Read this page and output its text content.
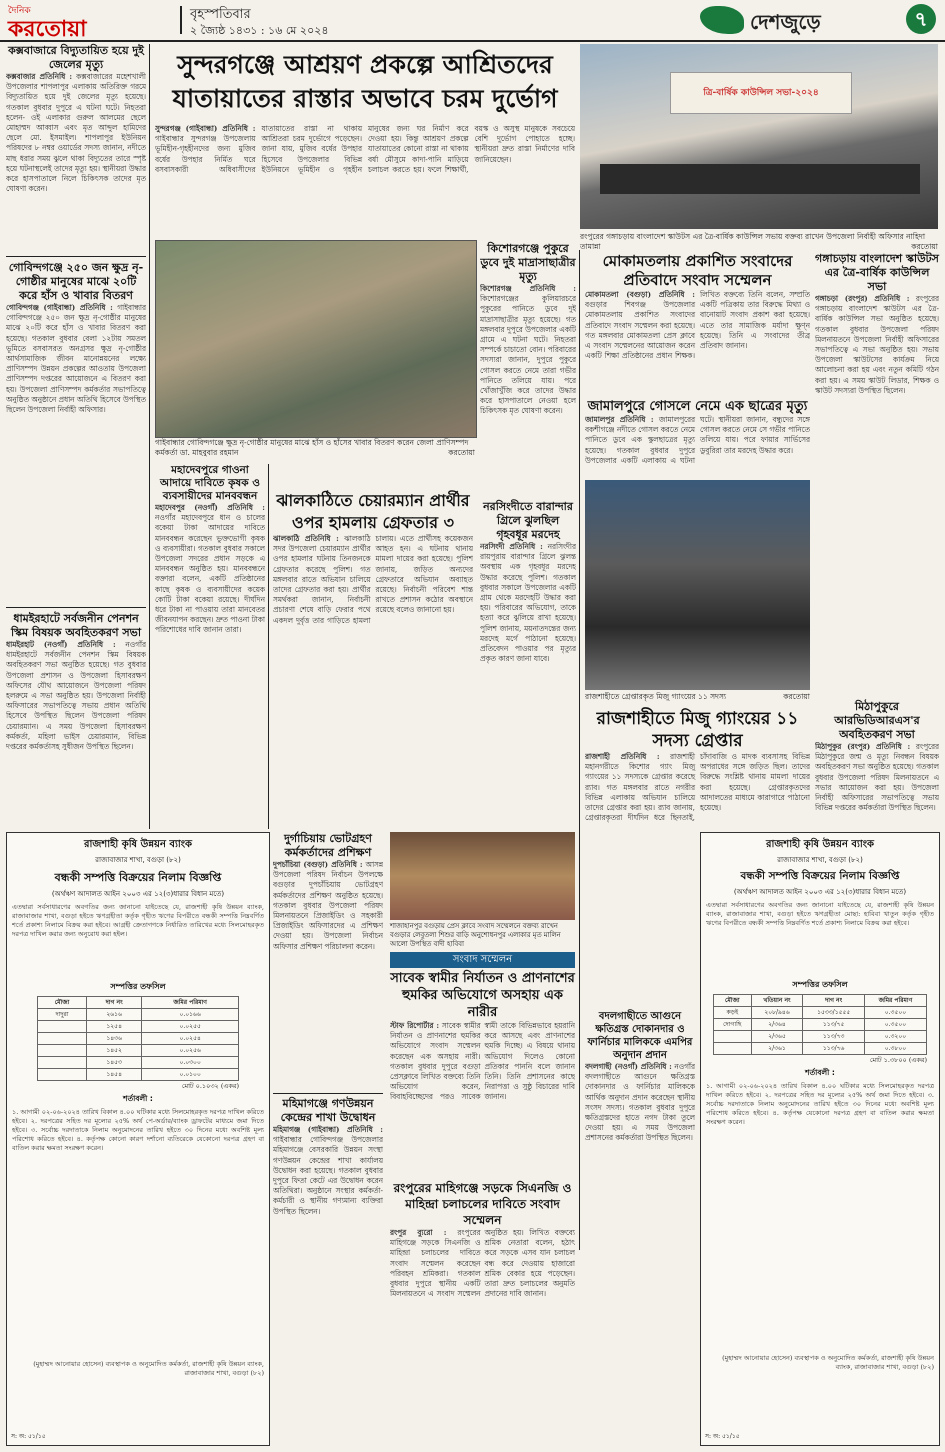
দৈনিক
করতোয়া
বৃহস্পতিবার
২ জ্যৈষ্ঠ ১৪৩১ : ১৬ মে ২০২৪	দেশজুড়ে	৭
কক্সবাজারে বিদ্যুতায়িত হয়ে দুই জেলের মৃত্যু
কক্সবাজার প্রতিনিধি : কক্সবাজারের মহেশখালী উপজেলার শাপলাপুর এলাকায় অতিরিক্ত গরমে বিদ্যুতায়িত হয়ে দুই জেলের মৃত্যু হয়েছে। গতকাল বুধবার দুপুরে এ ঘটনা ঘটে। নিহতরা হলেন- ওই এলাকার গুরুল আলমের ছেলে মোহাম্মদ আব্বাস এবং মৃত আব্দুল হামিদের ছেলে মো. ইসমাইল। শাপলাপুর ইউনিয়ন পরিষদের ৮ নম্বর ওয়ার্ডের সদস্য জানান, নদীতে মাছ ধরার সময় ঝুলে থাকা বিদ্যুতের তারে স্পৃষ্ট হয়ে ঘটনাস্থলেই তাদের মৃত্যু হয়। স্থানীয়রা উদ্ধার করে হাসপাতালে নিলে চিকিৎসক তাদের মৃত ঘোষণা করেন।
গোবিন্দগঞ্জে ২৫০ জন ক্ষুদ্র নৃ-গোষ্ঠীর মানুষের মাঝে ২০টি করে হাঁস ও খাবার বিতরণ
গোবিন্দগঞ্জ (গাইবান্ধা) প্রতিনিধি : গাইবান্ধার গোবিন্দগঞ্জে ২৫০ জন ক্ষুদ্র নৃ-গোষ্ঠীর মানুষের মাঝে ২০টি করে হাঁস ও খাবার বিতরণ করা হয়েছে। গতকাল বুধবার বেলা ১২টায় সমতল ভূমিতে বসবাসরত অনগ্রসর ক্ষুদ্র নৃ-গোষ্ঠীর আর্থসামাজিক জীবন মানোন্নয়নের লক্ষ্যে প্রাণিসম্পদ উন্নয়ন প্রকল্পের আওতায় উপজেলা প্রাণিসম্পদ দপ্তরের আয়োজনে এ বিতরণ করা হয়। উপজেলা প্রাণিসম্পদ কর্মকর্তার সভাপতিত্বে অনুষ্ঠিত অনুষ্ঠানে প্রধান অতিথি হিসেবে উপস্থিত ছিলেন উপজেলা নির্বাহী অফিসার।
ধামইরহাটে সর্বজনীন পেনশন স্কিম বিষয়ক অবহিতকরণ সভা
ধামইরহাট (নওগাঁ) প্রতিনিধি : নওগাঁর ধামইরহাটে সর্বজনীন পেনশন স্কিম বিষয়ক অবহিতকরণ সভা অনুষ্ঠিত হয়েছে। গত বুধবার উপজেলা প্রশাসন ও উপজেলা হিসাবরক্ষণ অফিসের যৌথ আয়োজনে উপজেলা পরিষদ হলরুমে এ সভা অনুষ্ঠিত হয়। উপজেলা নির্বাহী অফিসারের সভাপতিত্বে সভায় প্রধান অতিথি হিসেবে উপস্থিত ছিলেন উপজেলা পরিষদ চেয়ারম্যান। এ সময় উপজেলা হিসাবরক্ষণ কর্মকর্তা, মহিলা ভাইস চেয়ারম্যান, বিভিন্ন দপ্তরের কর্মকর্তাসহ সুধীজন উপস্থিত ছিলেন।
সুন্দরগঞ্জে আশ্রয়ণ প্রকল্পে আশ্রিতদের
যাতায়াতের রাস্তার অভাবে চরম দুর্ভোগ
সুন্দরগঞ্জ (গাইবান্ধা) প্রতিনিধি : গাইবান্ধার সুন্দরগঞ্জ উপজেলায় ভূমিহীন-গৃহহীনদের জন্য মুজিব বর্ষের উপহার নির্মিত ঘরে বসবাসকারী অধিবাসীদের যাতায়াতের রাস্তা না থাকায় আশ্রিতরা চরম দুর্ভোগে পড়েছেন। জানা যায়, মুজিব বর্ষের উপহার হিসেবে উপজেলার বিভিন্ন ইউনিয়নে ভূমিহীন ও গৃহহীন মানুষের জন্য ঘর নির্মাণ করে দেওয়া হয়। কিন্তু আশ্রয়ণ প্রকল্পে যাতায়াতের কোনো রাস্তা না থাকায় বর্ষা মৌসুমে কাদা-পানি মাড়িয়ে চলাচল করতে হয়। ফলে শিক্ষার্থী, বয়স্ক ও অসুস্থ মানুষকে সবচেয়ে বেশি দুর্ভোগ পোহাতে হচ্ছে। স্থানীয়রা দ্রুত রাস্তা নির্মাণের দাবি জানিয়েছেন।
ত্রি-বার্ষিক কাউন্সিল সভা-২০২৪
রংপুরের গঙ্গাচড়ায় বাংলাদেশ স্কাউটস এর ত্রৈ-বার্ষিক কাউন্সিল সভায় বক্তব্য রাখেন উপজেলা নির্বাহী অফিসার নাহিদা তামান্না	করতোয়া
গাইবান্ধার গোবিন্দগঞ্জে ক্ষুদ্র নৃ-গোষ্ঠীর মানুষের মাঝে হাঁস ও হাঁসের খাবার বিতরণ করেন জেলা প্রাণিসম্পদ কর্মকর্তা ডা. মাহবুবার রহমান	করতোয়া
কিশোরগঞ্জে পুকুরে ডুবে দুই মাদ্রাসাছাত্রীর মৃত্যু
কিশোরগঞ্জ প্রতিনিধি : কিশোরগঞ্জের কুলিয়ারচরে পুকুরের পানিতে ডুবে দুই মাদ্রাসাছাত্রীর মৃত্যু হয়েছে। গত মঙ্গলবার দুপুরে উপজেলার একটি গ্রামে এ ঘটনা ঘটে। নিহতরা সম্পর্কে চাচাতো বোন। পরিবারের সদস্যরা জানান, দুপুরে পুকুরে গোসল করতে নেমে তারা গভীর পানিতে তলিয়ে যায়। পরে খোঁজাখুঁজি করে তাদের উদ্ধার করে হাসপাতালে নেওয়া হলে চিকিৎসক মৃত ঘোষণা করেন।
মহাদেবপুরে গাওনা আদায়ে দাবিতে কৃষক ও ব্যবসায়ীদের মানববন্ধন
মহাদেবপুর (নওগাঁ) প্রতিনিধি : নওগাঁর মহাদেবপুরে ধান ও চালের বকেয়া টাকা আদায়ের দাবিতে মানববন্ধন করেছেন ভুক্তভোগী কৃষক ও ব্যবসায়ীরা। গতকাল বুধবার সকালে উপজেলা সদরের প্রধান সড়কে এ মানববন্ধন অনুষ্ঠিত হয়। মানববন্ধনে বক্তারা বলেন, একটি প্রতিষ্ঠানের কাছে কৃষক ও ব্যবসায়ীদের কয়েক কোটি টাকা বকেয়া রয়েছে। দীর্ঘদিন ধরে টাকা না পাওয়ায় তারা মানবেতর জীবনযাপন করছেন। দ্রুত পাওনা টাকা পরিশোধের দাবি জানান তারা।
ঝালকাঠিতে চেয়ারম্যান প্রার্থীর ওপর হামলায় গ্রেফতার ৩
ঝালকাঠি প্রতিনিধি : ঝালকাঠি সদর উপজেলা চেয়ারম্যান প্রার্থীর ওপর হামলার ঘটনায় তিনজনকে গ্রেফতার করেছে পুলিশ। গত মঙ্গলবার রাতে অভিযান চালিয়ে তাদের গ্রেফতার করা হয়। প্রার্থীর সমর্থকরা জানান, নির্বাচনী প্রচারণা শেষে বাড়ি ফেরার পথে একদল দুর্বৃত্ত তার গাড়িতে হামলা চালায়। এতে প্রার্থীসহ কয়েকজন আহত হন। এ ঘটনায় থানায় মামলা দায়ের করা হয়েছে। পুলিশ জানায়, জড়িত অন্যদের গ্রেফতারে অভিযান অব্যাহত রয়েছে। নির্বাচনী পরিবেশ শান্ত রাখতে প্রশাসন কঠোর অবস্থানে রয়েছে বলেও জানানো হয়।
নরসিংদীতে বারান্দার গ্রিলে ঝুলছিল গৃহবধূর মরদেহ
নরসিংদী প্রতিনিধি : নরসিংদীর রায়পুরায় বারান্দার গ্রিলে ঝুলন্ত অবস্থায় এক গৃহবধূর মরদেহ উদ্ধার করেছে পুলিশ। গতকাল বুধবার সকালে উপজেলার একটি গ্রাম থেকে মরদেহটি উদ্ধার করা হয়। পরিবারের অভিযোগ, তাকে হত্যা করে ঝুলিয়ে রাখা হয়েছে। পুলিশ জানায়, ময়নাতদন্তের জন্য মরদেহ মর্গে পাঠানো হয়েছে। প্রতিবেদন পাওয়ার পর মৃত্যুর প্রকৃত কারণ জানা যাবে।
মোকামতলায় প্রকাশিত সংবাদের প্রতিবাদে সংবাদ সম্মেলন
মোকামতলা (বগুড়া) প্রতিনিধি : বগুড়ার শিবগঞ্জ উপজেলার মোকামতলায় প্রকাশিত সংবাদের প্রতিবাদে সংবাদ সম্মেলন করা হয়েছে। গত মঙ্গলবার মোকামতলা প্রেস ক্লাবে এ সংবাদ সম্মেলনের আয়োজন করেন একটি শিক্ষা প্রতিষ্ঠানের প্রধান শিক্ষক। লিখিত বক্তব্যে তিনি বলেন, সম্প্রতি একটি পত্রিকায় তার বিরুদ্ধে মিথ্যা ও বানোয়াট সংবাদ প্রকাশ করা হয়েছে। এতে তার সামাজিক মর্যাদা ক্ষুণ্ন হয়েছে। তিনি এ সংবাদের তীব্র প্রতিবাদ জানান।
জামালপুরে গোসলে নেমে এক ছাত্রের মৃত্যু
জামালপুর প্রতিনিধি : জামালপুরের বকশীগঞ্জে নদীতে গোসল করতে নেমে পানিতে ডুবে এক স্কুলছাত্রের মৃত্যু হয়েছে। গতকাল বুধবার দুপুরে উপজেলার একটি এলাকায় এ ঘটনা ঘটে। স্থানীয়রা জানান, বন্ধুদের সঙ্গে গোসল করতে নেমে সে গভীর পানিতে তলিয়ে যায়। পরে ফায়ার সার্ভিসের ডুবুরিরা তার মরদেহ উদ্ধার করে।
গঙ্গাচড়ায় বাংলাদেশ স্কাউটস এর ত্রৈ-বার্ষিক কাউন্সিল সভা
গঙ্গাচড়া (রংপুর) প্রতিনিধি : রংপুরের গঙ্গাচড়ায় বাংলাদেশ স্কাউটস এর ত্রৈ-বার্ষিক কাউন্সিল সভা অনুষ্ঠিত হয়েছে। গতকাল বুধবার উপজেলা পরিষদ মিলনায়তনে উপজেলা নির্বাহী অফিসারের সভাপতিত্বে এ সভা অনুষ্ঠিত হয়। সভায় উপজেলা স্কাউটসের কার্যক্রম নিয়ে আলোচনা করা হয় এবং নতুন কমিটি গঠন করা হয়। এ সময় স্কাউট লিডার, শিক্ষক ও স্কাউট সদস্যরা উপস্থিত ছিলেন।
রাজশাহীতে গ্রেপ্তারকৃত মিজু গ্যাংয়ের ১১ সদস্য	করতোয়া
রাজশাহীতে মিজু গ্যাংয়ের ১১ সদস্য গ্রেপ্তার
রাজশাহী প্রতিনিধি : রাজশাহী মহানগরীতে কিশোর গ্যাং মিজু গ্যাংয়ের ১১ সদস্যকে গ্রেপ্তার করেছে র‌্যাব। গত মঙ্গলবার রাতে নগরীর বিভিন্ন এলাকায় অভিযান চালিয়ে তাদের গ্রেপ্তার করা হয়। র‌্যাব জানায়, গ্রেপ্তারকৃতরা দীর্ঘদিন ধরে ছিনতাই, চাঁদাবাজি ও মাদক ব্যবসাসহ বিভিন্ন অপরাধের সঙ্গে জড়িত ছিল। তাদের বিরুদ্ধে সংশ্লিষ্ট থানায় মামলা দায়ের করা হয়েছে। গ্রেপ্তারকৃতদের আদালতের মাধ্যমে কারাগারে পাঠানো হয়েছে।
মিঠাপুকুরে আরভিডিআরএস'র অবহিতকরণ সভা
মিঠাপুকুর (রংপুর) প্রতিনিধি : রংপুরের মিঠাপুকুরে জন্ম ও মৃত্যু নিবন্ধন বিষয়ক অবহিতকরণ সভা অনুষ্ঠিত হয়েছে। গতকাল বুধবার উপজেলা পরিষদ মিলনায়তনে এ সভার আয়োজন করা হয়। উপজেলা নির্বাহী অফিসারের সভাপতিত্বে সভায় বিভিন্ন দপ্তরের কর্মকর্তারা উপস্থিত ছিলেন।
দুর্গাচিয়ায় ভোটগ্রহণ কর্মকর্তাদের প্রশিক্ষণ
দুপচাঁচিয়া (বগুড়া) প্রতিনিধি : আসন্ন উপজেলা পরিষদ নির্বাচন উপলক্ষে বগুড়ার দুপচাঁচিয়ায় ভোটগ্রহণ কর্মকর্তাদের প্রশিক্ষণ অনুষ্ঠিত হয়েছে। গতকাল বুধবার উপজেলা পরিষদ মিলনায়তনে প্রিজাইডিং ও সহকারী প্রিজাইডিং অফিসারদের এ প্রশিক্ষণ দেওয়া হয়। উপজেলা নির্বাচন অফিসার প্রশিক্ষণ পরিচালনা করেন।
মহিমাগঞ্জে গণউন্নয়ন কেন্দ্রের শাখা উদ্বোধন
মহিমাগঞ্জ (গাইবান্ধা) প্রতিনিধি : গাইবান্ধার গোবিন্দগঞ্জ উপজেলার মহিমাগঞ্জে বেসরকারি উন্নয়ন সংস্থা গণউন্নয়ন কেন্দ্রের শাখা কার্যালয় উদ্বোধন করা হয়েছে। গতকাল বুধবার দুপুরে ফিতা কেটে এর উদ্বোধন করেন অতিথিরা। অনুষ্ঠানে সংস্থার কর্মকর্তা-কর্মচারী ও স্থানীয় গণ্যমান্য ব্যক্তিরা উপস্থিত ছিলেন।
শাজাহানপুর বগুড়ায় প্রেস ক্লাবে সংবাদ সম্মেলনে বক্তব্য রাখেন বগুড়ার লেবুতলা শিশুর বাড়ি অনুশোধনপুর এলাকার মৃত মালিন আলো উপস্থিত বাদী হাবিবা
সংবাদ সম্মেলন
সাবেক স্বামীর নির্যাতন ও প্রাণনাশের হুমকির অভিযোগে অসহায় এক নারীর
স্টাফ রিপোর্টার : সাবেক স্বামীর নির্যাতন ও প্রাণনাশের হুমকির অভিযোগে সংবাদ সম্মেলন করেছেন এক অসহায় নারী। গতকাল বুধবার দুপুরে বগুড়া প্রেসক্লাবে লিখিত বক্তব্যে তিনি অভিযোগ করেন, বিবাহবিচ্ছেদের পরও সাবেক স্বামী তাকে বিভিন্নভাবে হয়রানি করে আসছে এবং প্রাণনাশের হুমকি দিচ্ছে। এ বিষয়ে থানায় অভিযোগ দিলেও কোনো প্রতিকার পাননি বলে জানান তিনি। তিনি প্রশাসনের কাছে নিরাপত্তা ও সুষ্ঠু বিচারের দাবি জানান।
রংপুরের মাহিগঞ্জে সড়কে সিএনজি ও মাহিন্দ্রা চলাচলের দাবিতে সংবাদ সম্মেলন
রংপুর ব্যুরো : রংপুরের মাহিগঞ্জে সড়কে সিএনজি ও মাহিন্দ্রা চলাচলের দাবিতে সংবাদ সম্মেলন করেছেন পরিবহন শ্রমিকরা। গতকাল বুধবার দুপুরে স্থানীয় একটি মিলনায়তনে এ সংবাদ সম্মেলন অনুষ্ঠিত হয়। লিখিত বক্তব্যে শ্রমিক নেতারা বলেন, হঠাৎ করে সড়কে এসব যান চলাচল বন্ধ করে দেওয়ায় হাজারো শ্রমিক বেকার হয়ে পড়েছেন। তারা দ্রুত চলাচলের অনুমতি প্রদানের দাবি জানান।
বদলগাছীতে আগুনে ক্ষতিগ্রস্ত দোকানদার ও ফার্নিচার মালিককে এমপির অনুদান প্রদান
বদলগাছী (নওগাঁ) প্রতিনিধি : নওগাঁর বদলগাছীতে আগুনে ক্ষতিগ্রস্ত দোকানদার ও ফার্নিচার মালিককে আর্থিক অনুদান প্রদান করেছেন স্থানীয় সংসদ সদস্য। গতকাল বুধবার দুপুরে ক্ষতিগ্রস্তদের হাতে নগদ টাকা তুলে দেওয়া হয়। এ সময় উপজেলা প্রশাসনের কর্মকর্তারা উপস্থিত ছিলেন।
রাজশাহী কৃষি উন্নয়ন ব্যাংক
রাজাবাজার শাখা, বগুড়া (৮২)
বন্ধকী সম্পত্তি বিক্রয়ের নিলাম বিজ্ঞপ্তি
(অর্থঋণ আদালত আইন ২০০৩ এর ১২(৩)ধারার বিধান মতে)
এতদ্বারা সর্বসাধারণের অবগতির জন্য জানানো যাইতেছে যে, রাজশাহী কৃষি উন্নয়ন ব্যাংক, রাজাবাজার শাখা, বগুড়া হইতে ঋণগ্রহীতা কর্তৃক গৃহীত ঋণের বিপরীতে বন্ধকী সম্পত্তি নিম্নবর্ণিত শর্তে প্রকাশ্য নিলামে বিক্রয় করা হইবে। আগ্রহী ক্রেতাগণকে নির্ধারিত তারিখের মধ্যে সিলমোহরকৃত দরপত্র দাখিল করার জন্য অনুরোধ করা হইল।
সম্পত্তির তফসিল
মৌজা	দাগ নং	জমির পরিমাণ
দাদুরা	২৬১৬	০.০১৬৬
	১২৫৪	০.০২৫৫
	১৪৩৬	০.০২৫৪
	১৪৫২	০.০২৫৬
	১৪৫৩	০.০৩০০
	১৪৫৪	০.০১০০
মোট ০.১০৩২ (একর)
শর্তাবলী :
১. আগামী ০২-০৬-২০২৪ তারিখ বিকাল ৪.০০ ঘটিকার মধ্যে সিলমোহরকৃত দরপত্র দাখিল করিতে হইবে। ২. দরপত্রের সহিত দর মূল্যের ২৫% অর্থ পে-অর্ডার/ব্যাংক ড্রাফটের মাধ্যমে জমা দিতে হইবে। ৩. সর্বোচ্চ দরদাতাকে নিলাম অনুমোদনের তারিখ হইতে ৩০ দিনের মধ্যে অবশিষ্ট মূল্য পরিশোধ করিতে হইবে। ৪. কর্তৃপক্ষ কোনো কারণ দর্শানো ব্যতিরেকে যেকোনো দরপত্র গ্রহণ বা বাতিল করার ক্ষমতা সংরক্ষণ করেন।
(মুহাম্মদ আনোয়ার হোসেন) ব্যবস্থাপক ও অনুমোদিত কর্মকর্তা, রাজশাহী কৃষি উন্নয়ন ব্যাংক, রাজাবাজার শাখা, বগুড়া (৮২)
স: অ: ৫১/১৫
রাজশাহী কৃষি উন্নয়ন ব্যাংক
রাজাবাজার শাখা, বগুড়া (৮২)
বন্ধকী সম্পত্তি বিক্রয়ের নিলাম বিজ্ঞপ্তি
(অর্থঋণ আদালত আইন ২০০৩ এর ১২(৩)ধারার বিধান মতে)
এতদ্বারা সর্বসাধারণের অবগতির জন্য জানানো যাইতেছে যে, রাজশাহী কৃষি উন্নয়ন ব্যাংক, রাজাবাজার শাখা, বগুড়া হইতে ঋণগ্রহীতা মোছা: হাবিবা খাতুন কর্তৃক গৃহীত ঋণের বিপরীতে বন্ধকী সম্পত্তি নিম্নবর্ণিত শর্তে প্রকাশ্য নিলামে বিক্রয় করা হইবে।
সম্পত্তির তফসিল
মৌজা	খতিয়ান নং	দাগ নং	জমির পরিমাণ
কড়ই	২০৮/৯৪৬	১৫৩৩/১৫৫৫	০.৩৫০০
দোগাছি	২/৩৬৪	১১৩/৭৫	০.৩৫০০
	২/৩৬৫	১১৩/৭৩	০.৩২০০
	২/৩৬১	১১৩/৭৬	০.৩৮০০
মোট ১.৩৮০০ (একর)
শর্তাবলী :
১. আগামী ০২-০৬-২০২৪ তারিখ বিকাল ৪.০০ ঘটিকার মধ্যে সিলমোহরকৃত দরপত্র দাখিল করিতে হইবে। ২. দরপত্রের সহিত দর মূল্যের ২৫% অর্থ জমা দিতে হইবে। ৩. সর্বোচ্চ দরদাতাকে নিলাম অনুমোদনের তারিখ হইতে ৩০ দিনের মধ্যে অবশিষ্ট মূল্য পরিশোধ করিতে হইবে। ৪. কর্তৃপক্ষ যেকোনো দরপত্র গ্রহণ বা বাতিল করার ক্ষমতা সংরক্ষণ করেন।
(মুহাম্মদ আনোয়ার হোসেন) ব্যবস্থাপক ও অনুমোদিত কর্মকর্তা, রাজশাহী কৃষি উন্নয়ন ব্যাংক, রাজাবাজার শাখা, বগুড়া (৮২)
স: অ: ৫১/১৫
